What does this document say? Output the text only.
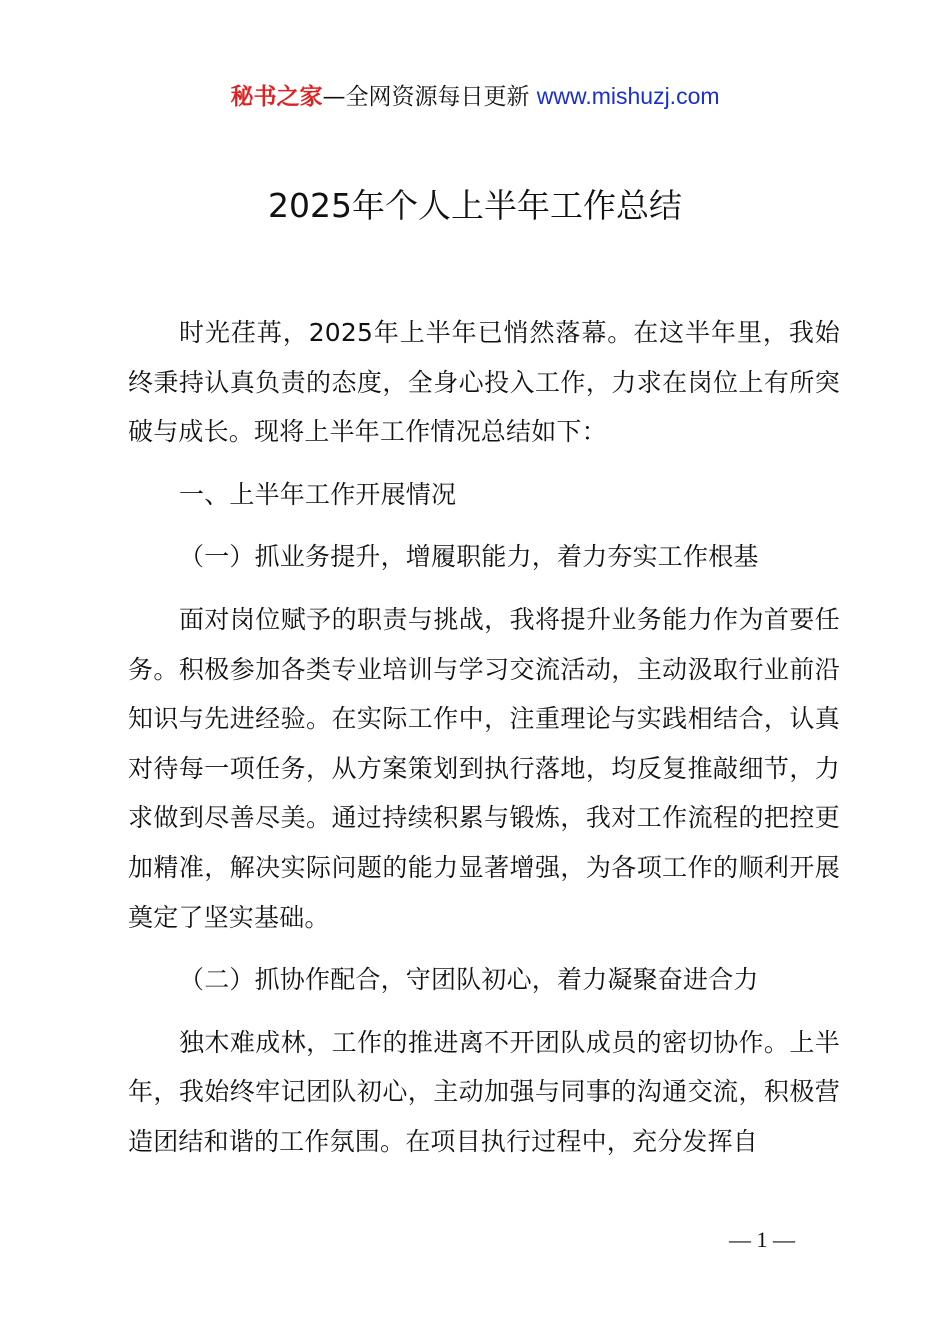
秘书之家—全网资源每日更新 www.mishuzj.com
2025年个人上半年工作总结

时光荏苒，2025年上半年已悄然落幕。在这半年里，我始终秉持认真负责的态度，全身心投入工作，力求在岗位上有所突破与成长。现将上半年工作情况总结如下：

一、上半年工作开展情况

（一）抓业务提升，增履职能力，着力夯实工作根基

面对岗位赋予的职责与挑战，我将提升业务能力作为首要任务。积极参加各类专业培训与学习交流活动，主动汲取行业前沿知识与先进经验。在实际工作中，注重理论与实践相结合，认真对待每一项任务，从方案策划到执行落地，均反复推敲细节，力求做到尽善尽美。通过持续积累与锻炼，我对工作流程的把控更加精准，解决实际问题的能力显著增强，为各项工作的顺利开展奠定了坚实基础。

（二）抓协作配合，守团队初心，着力凝聚奋进合力

独木难成林，工作的推进离不开团队成员的密切协作。上半年，我始终牢记团队初心，主动加强与同事的沟通交流，积极营造团结和谐的工作氛围。在项目执行过程中，充分发挥自

— 1 —
